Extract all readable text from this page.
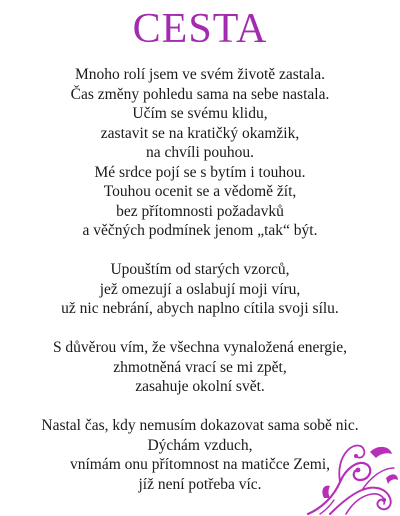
CESTA
Mnoho rolí jsem ve svém životě zastala.
Čas změny pohledu sama na sebe nastala.
Učím se svému klidu,
zastavit se na kratičký okamžik,
na chvíli pouhou.
Mé srdce pojí se s bytím i touhou.
Touhou ocenit se a vědomě žít,
bez přítomnosti požadavků
a věčných podmínek jenom „tak“ být.
Upouštím od starých vzorců,
jež omezují a oslabují moji víru,
už nic nebrání, abych naplno cítila svoji sílu.
S důvěrou vím, že všechna vynaložená energie,
zhmotněná vrací se mi zpět,
zasahuje okolní svět.
Nastal čas, kdy nemusím dokazovat sama sobě nic.
Dýchám vzduch,
vnímám onu přítomnost na matičce Zemi,
jíž není potřeba víc.
